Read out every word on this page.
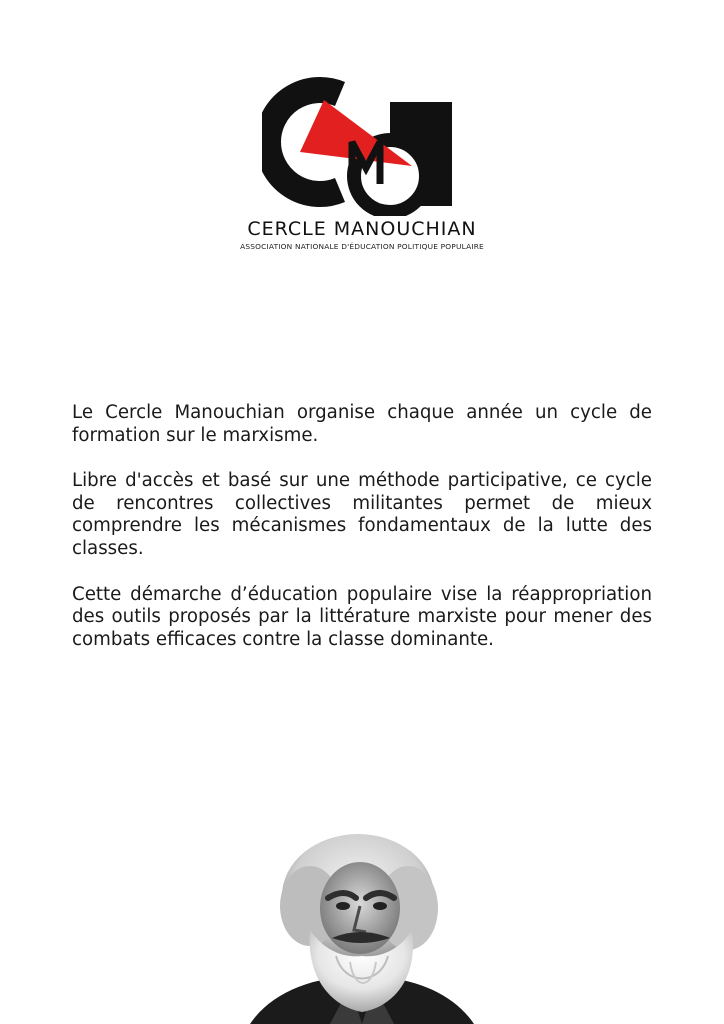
CERCLE MANOUCHIAN
ASSOCIATION NATIONALE D'ÉDUCATION POLITIQUE POPULAIRE

Le Cercle Manouchian organise chaque année un cycle de formation sur le marxisme.

Libre d'accès et basé sur une méthode participative, ce cycle de rencontres collectives militantes permet de mieux comprendre les mécanismes fondamentaux de la lutte des classes.

Cette démarche d’éducation populaire vise la réappropriation des outils proposés par la littérature marxiste pour mener des combats efficaces contre la classe dominante.
